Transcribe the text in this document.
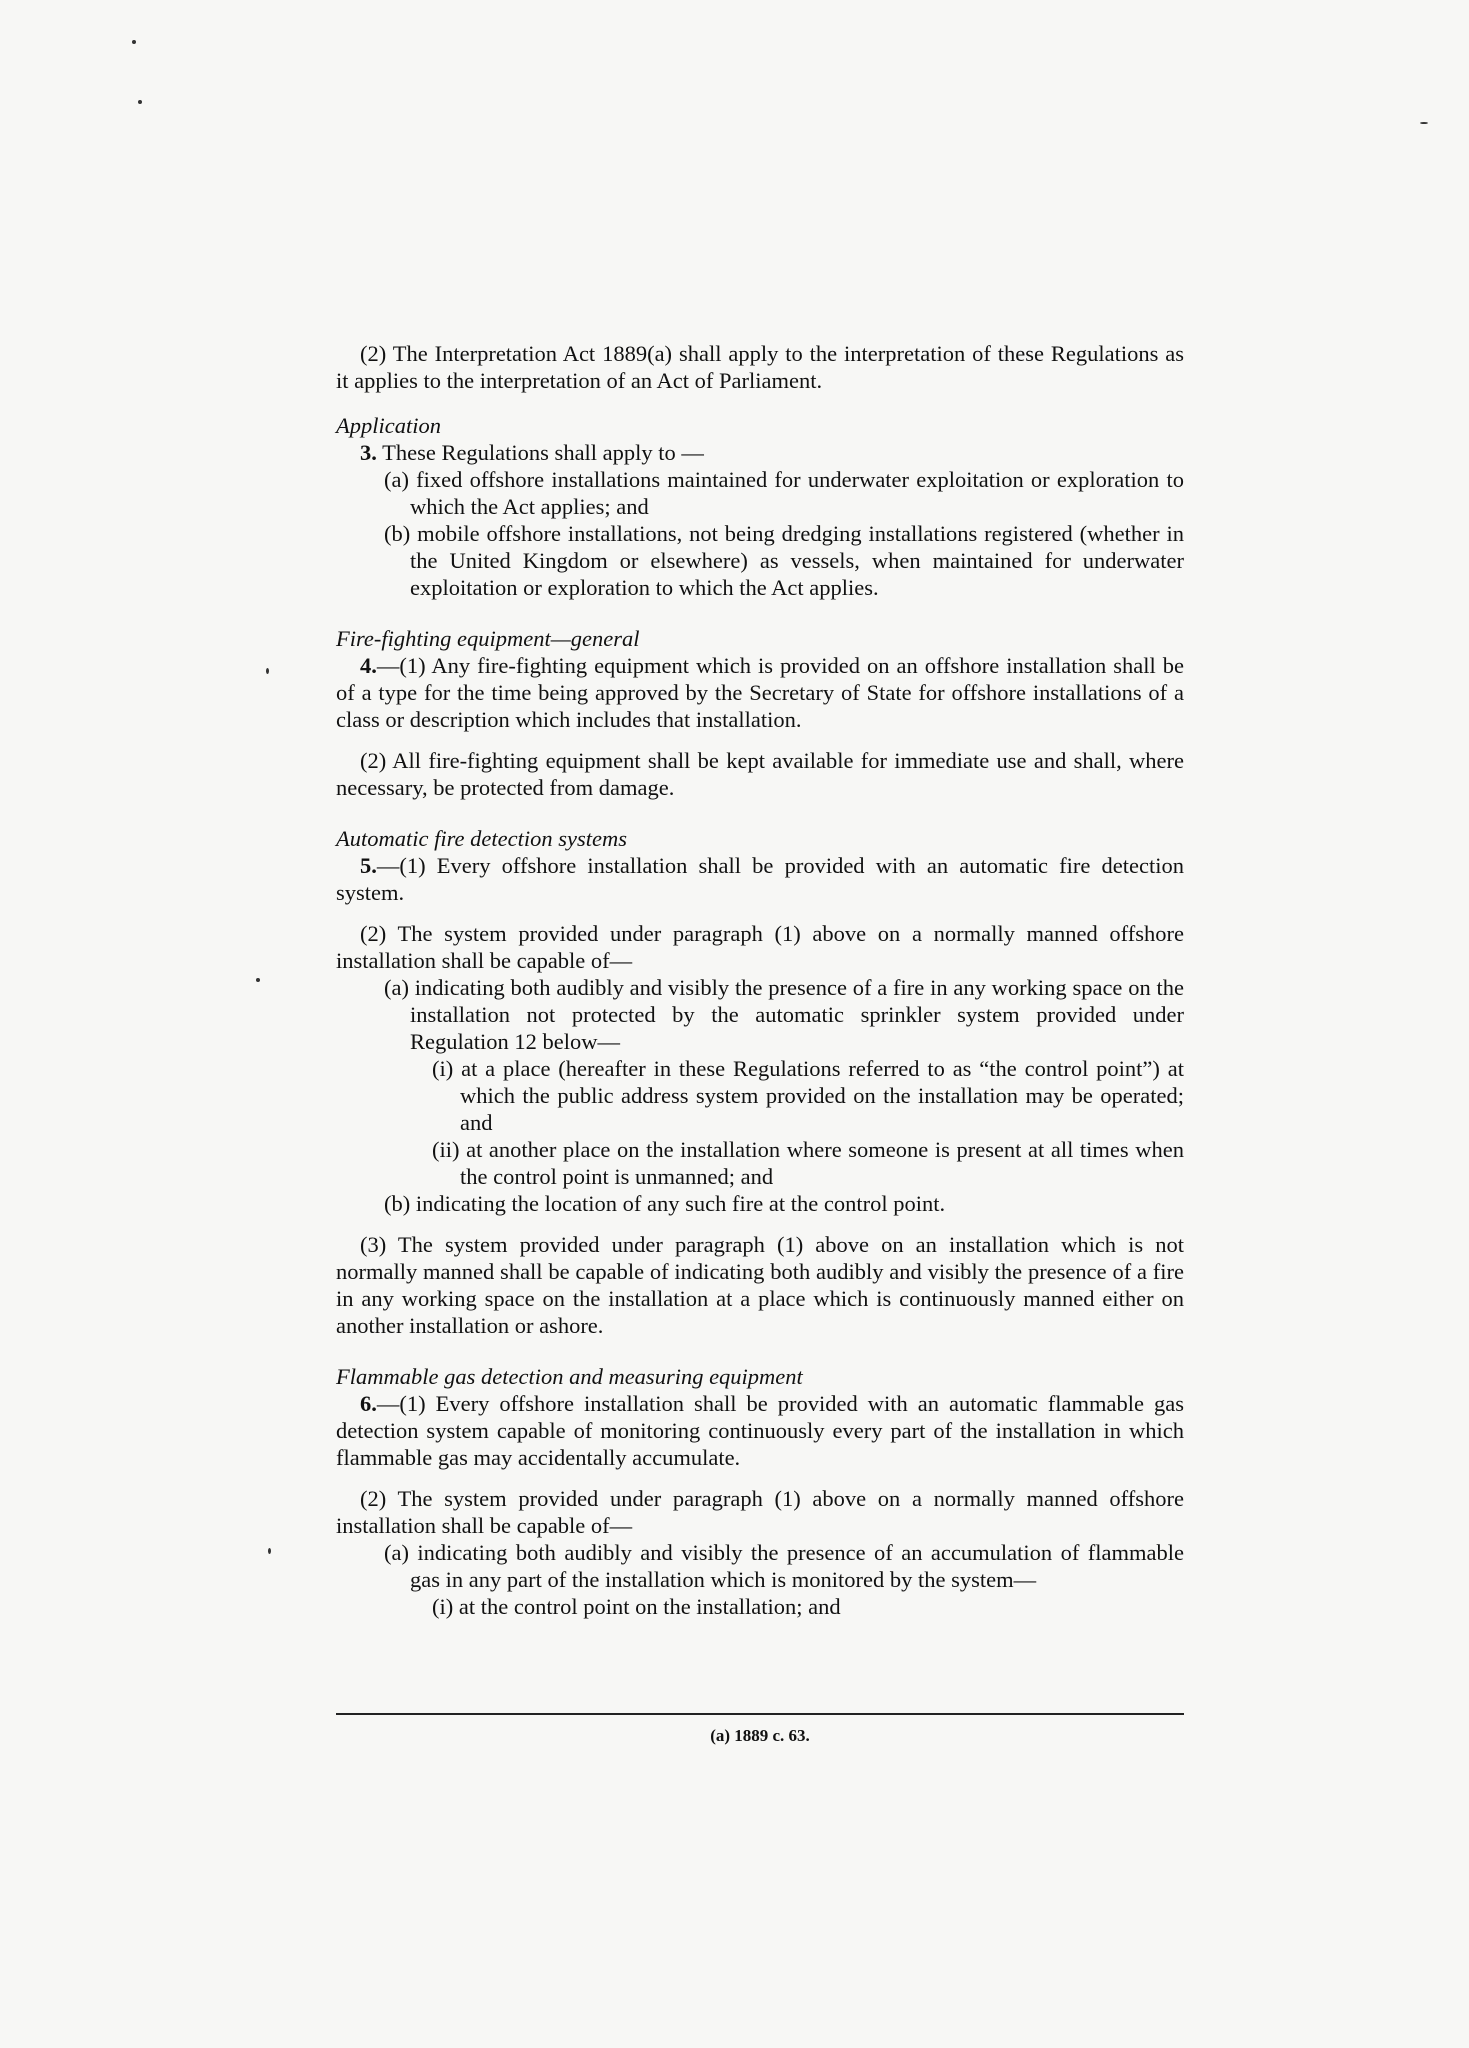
(2) The Interpretation Act 1889(a) shall apply to the interpretation of these Regulations as it applies to the interpretation of an Act of Parliament.

Application

3. These Regulations shall apply to —

(a) fixed offshore installations maintained for underwater exploitation or exploration to which the Act applies; and

(b) mobile offshore installations, not being dredging installations registered (whether in the United Kingdom or elsewhere) as vessels, when maintained for underwater exploitation or exploration to which the Act applies.

Fire-fighting equipment—general

4.—(1) Any fire-fighting equipment which is provided on an offshore installation shall be of a type for the time being approved by the Secretary of State for offshore installations of a class or description which includes that installation.

(2) All fire-fighting equipment shall be kept available for immediate use and shall, where necessary, be protected from damage.

Automatic fire detection systems

5.—(1) Every offshore installation shall be provided with an automatic fire detection system.

(2) The system provided under paragraph (1) above on a normally manned offshore installation shall be capable of—

(a) indicating both audibly and visibly the presence of a fire in any working space on the installation not protected by the automatic sprinkler system provided under Regulation 12 below—

(i) at a place (hereafter in these Regulations referred to as “the control point”) at which the public address system provided on the installation may be operated; and

(ii) at another place on the installation where someone is present at all times when the control point is unmanned; and

(b) indicating the location of any such fire at the control point.

(3) The system provided under paragraph (1) above on an installation which is not normally manned shall be capable of indicating both audibly and visibly the presence of a fire in any working space on the installation at a place which is continuously manned either on another installation or ashore.

Flammable gas detection and measuring equipment

6.—(1) Every offshore installation shall be provided with an automatic flammable gas detection system capable of monitoring continuously every part of the installation in which flammable gas may accidentally accumulate.

(2) The system provided under paragraph (1) above on a normally manned offshore installation shall be capable of—

(a) indicating both audibly and visibly the presence of an accumulation of flammable gas in any part of the installation which is monitored by the system—

(i) at the control point on the installation; and

(a) 1889 c. 63.
